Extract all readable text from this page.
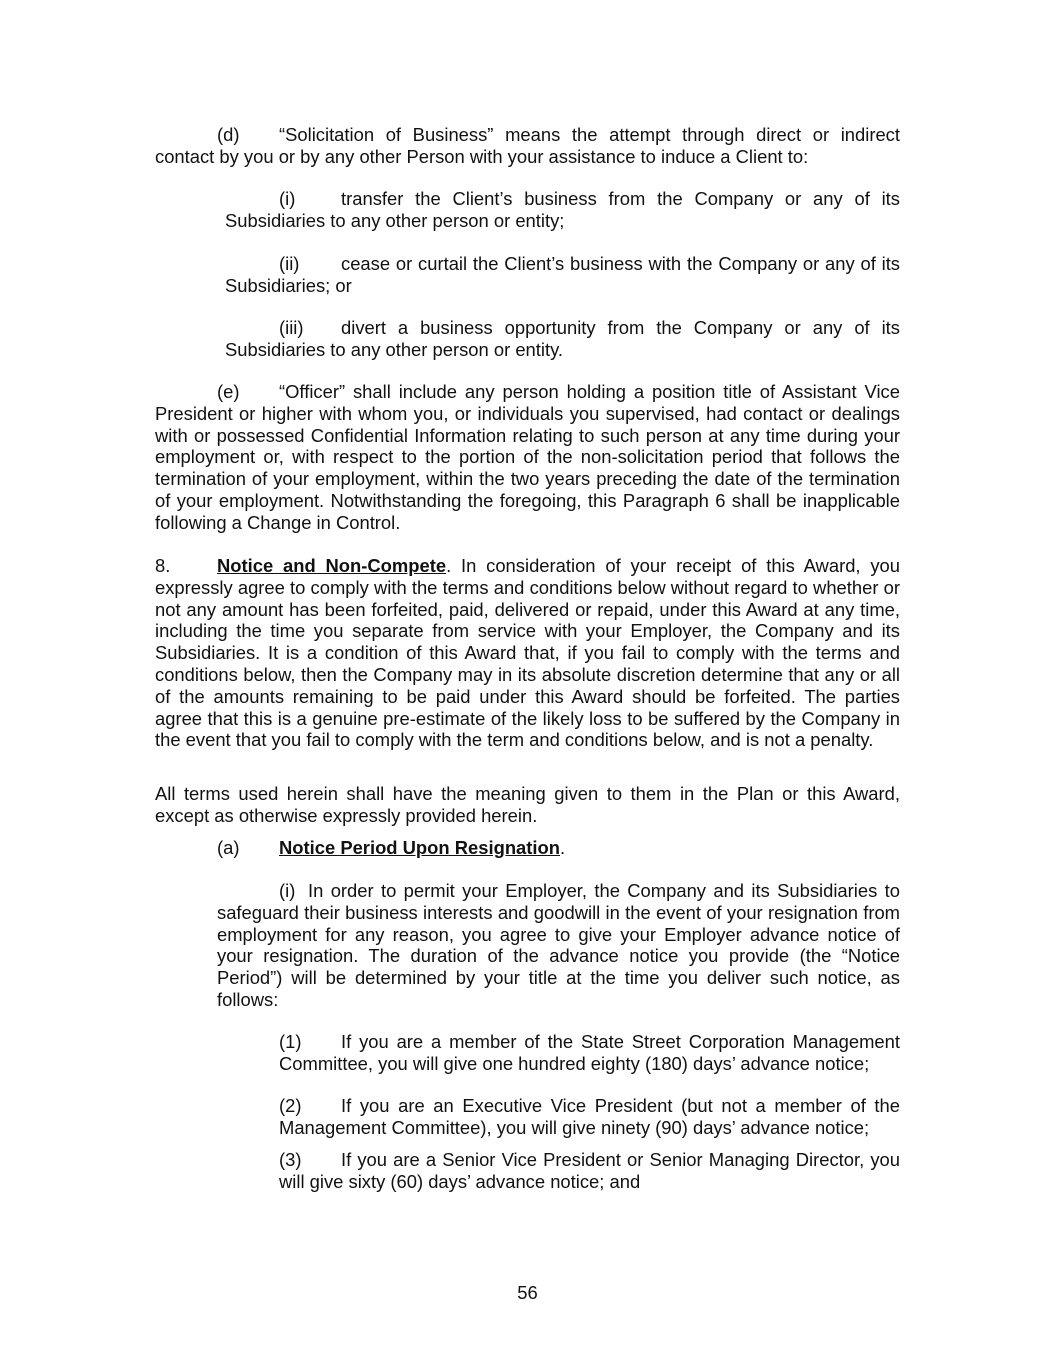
(d) “Solicitation of Business” means the attempt through direct or indirect contact by you or by any other Person with your assistance to induce a Client to:

(i) transfer the Client’s business from the Company or any of its Subsidiaries to any other person or entity;

(ii) cease or curtail the Client’s business with the Company or any of its Subsidiaries; or

(iii) divert a business opportunity from the Company or any of its Subsidiaries to any other person or entity.

(e) “Officer” shall include any person holding a position title of Assistant Vice President or higher with whom you, or individuals you supervised, had contact or dealings with or possessed Confidential Information relating to such person at any time during your employment or, with respect to the portion of the non-solicitation period that follows the termination of your employment, within the two years preceding the date of the termination of your employment. Notwithstanding the foregoing, this Paragraph 6 shall be inapplicable following a Change in Control.

8.	Notice and Non-Compete. In consideration of your receipt of this Award, you expressly agree to comply with the terms and conditions below without regard to whether or not any amount has been forfeited, paid, delivered or repaid, under this Award at any time, including the time you separate from service with your Employer, the Company and its Subsidiaries. It is a condition of this Award that, if you fail to comply with the terms and conditions below, then the Company may in its absolute discretion determine that any or all of the amounts remaining to be paid under this Award should be forfeited. The parties agree that this is a genuine pre-estimate of the likely loss to be suffered by the Company in the event that you fail to comply with the term and conditions below, and is not a penalty.

All terms used herein shall have the meaning given to them in the Plan or this Award, except as otherwise expressly provided herein.

(a) Notice Period Upon Resignation.

(i) In order to permit your Employer, the Company and its Subsidiaries to safeguard their business interests and goodwill in the event of your resignation from employment for any reason, you agree to give your Employer advance notice of your resignation. The duration of the advance notice you provide (the “Notice Period”) will be determined by your title at the time you deliver such notice, as follows:

(1) If you are a member of the State Street Corporation Management Committee, you will give one hundred eighty (180) days’ advance notice;

(2) If you are an Executive Vice President (but not a member of the Management Committee), you will give ninety (90) days’ advance notice;

(3) If you are a Senior Vice President or Senior Managing Director, you will give sixty (60) days’ advance notice; and

56
